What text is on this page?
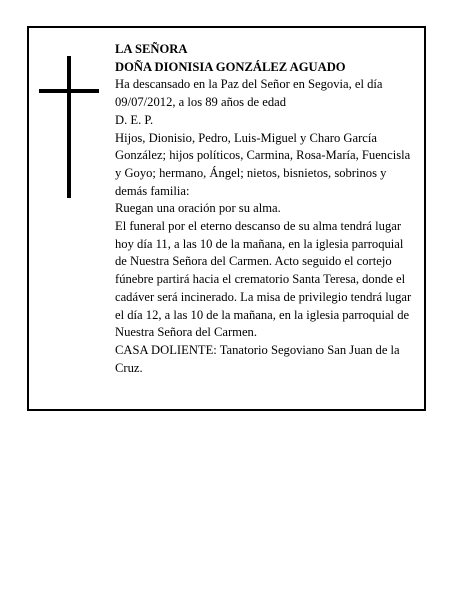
LA SEÑORA

DOÑA DIONISIA GONZÁLEZ AGUADO

Ha descansado en la Paz del Señor en Segovia, el día 09/07/2012, a los 89 años de edad

D. E. P.

Hijos, Dionisio, Pedro, Luis-Miguel y Charo García González; hijos políticos, Carmina, Rosa-María, Fuencisla y Goyo; hermano, Ángel; nietos, bisnietos, sobrinos y demás familia:

Ruegan una oración por su alma.

El funeral por el eterno descanso de su alma tendrá lugar hoy día 11, a las 10 de la mañana, en la iglesia parroquial de Nuestra Señora del Carmen. Acto seguido el cortejo fúnebre partirá hacia el crematorio Santa Teresa, donde el cadáver será incinerado. La misa de privilegio tendrá lugar el día 12, a las 10 de la mañana, en la iglesia parroquial de Nuestra Señora del Carmen.

CASA DOLIENTE: Tanatorio Segoviano San Juan de la Cruz.
